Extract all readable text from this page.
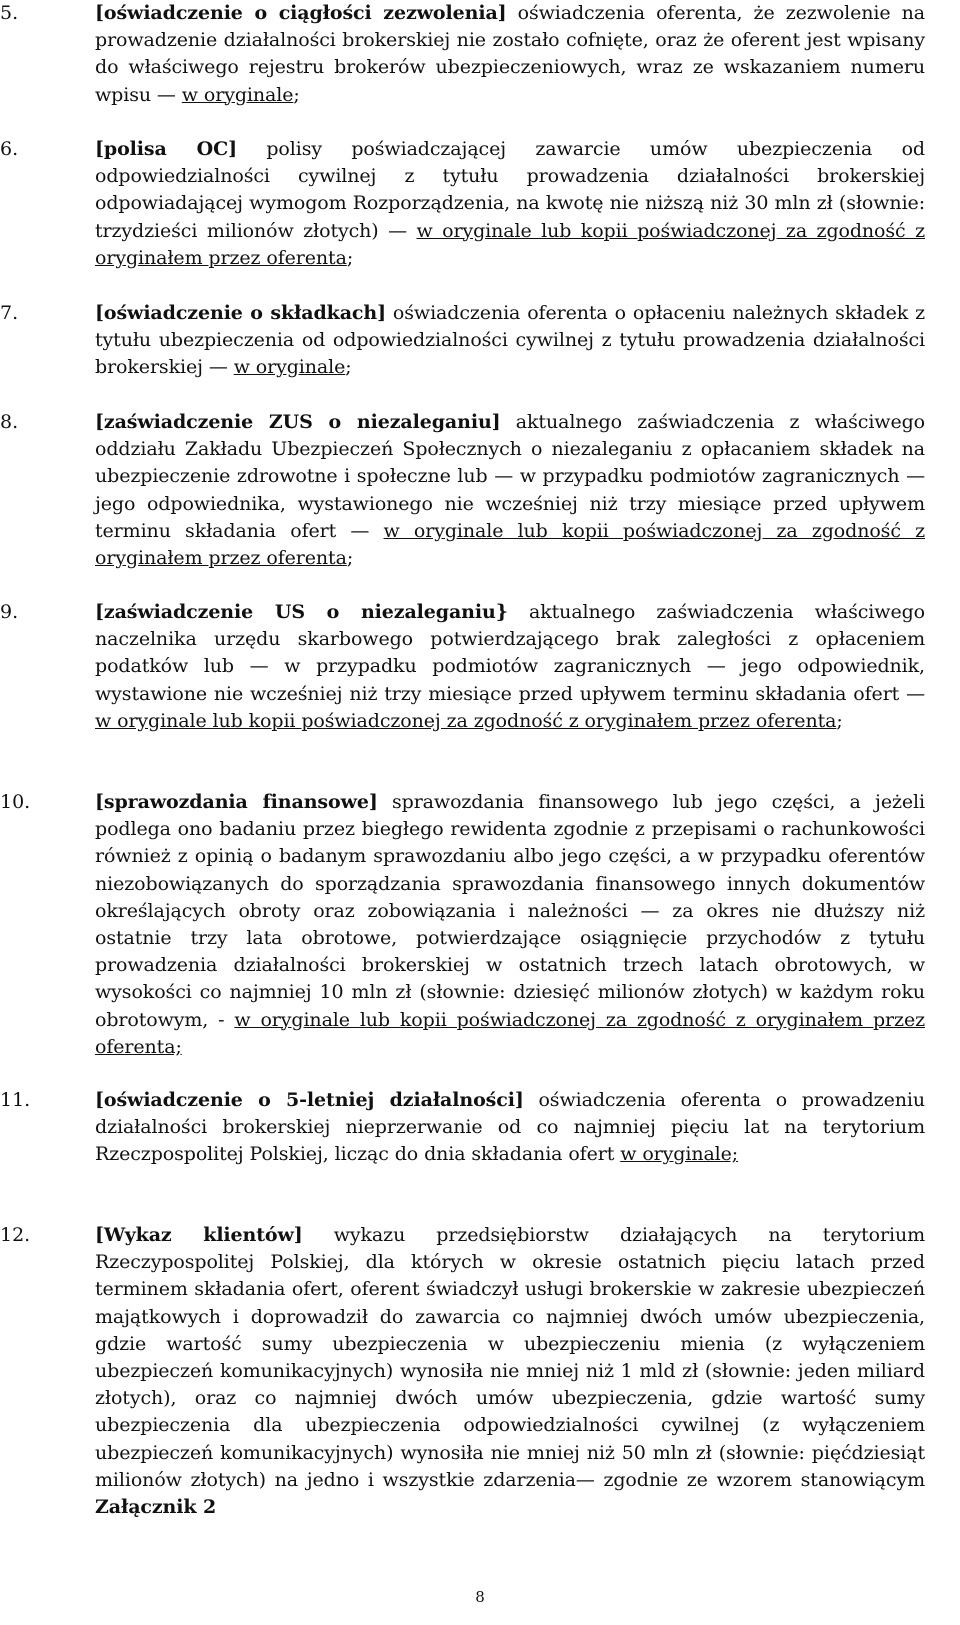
5.	[oświadczenie o ciągłości zezwolenia] oświadczenia oferenta, że zezwolenie na prowadzenie działalności brokerskiej nie zostało cofnięte, oraz że oferent jest wpisany do właściwego rejestru brokerów ubezpieczeniowych, wraz ze wskazaniem numeru wpisu — w oryginale;
6.	[polisa OC] polisy poświadczającej zawarcie umów ubezpieczenia od odpowiedzialności cywilnej z tytułu prowadzenia działalności brokerskiej odpowiadającej wymogom Rozporządzenia, na kwotę nie niższą niż 30 mln zł (słownie: trzydzieści milionów złotych) — w oryginale lub kopii poświadczonej za zgodność z oryginałem przez oferenta;
7.	[oświadczenie o składkach] oświadczenia oferenta o opłaceniu należnych składek z tytułu ubezpieczenia od odpowiedzialności cywilnej z tytułu prowadzenia działalności brokerskiej — w oryginale;
8.	[zaświadczenie ZUS o niezaleganiu] aktualnego zaświadczenia z właściwego oddziału Zakładu Ubezpieczeń Społecznych o niezaleganiu z opłacaniem składek na ubezpieczenie zdrowotne i społeczne lub — w przypadku podmiotów zagranicznych — jego odpowiednika, wystawionego nie wcześniej niż trzy miesiące przed upływem terminu składania ofert — w oryginale lub kopii poświadczonej za zgodność z oryginałem przez oferenta;
9.	[zaświadczenie US o niezaleganiu} aktualnego zaświadczenia właściwego naczelnika urzędu skarbowego potwierdzającego brak zaległości z opłaceniem podatków lub — w przypadku podmiotów zagranicznych — jego odpowiednik, wystawione nie wcześniej niż trzy miesiące przed upływem terminu składania ofert — w oryginale lub kopii poświadczonej za zgodność z oryginałem przez oferenta;
10.	[sprawozdania finansowe] sprawozdania finansowego lub jego części, a jeżeli podlega ono badaniu przez biegłego rewidenta zgodnie z przepisami o rachunkowości również z opinią o badanym sprawozdaniu albo jego części, a w przypadku oferentów niezobowiązanych do sporządzania sprawozdania finansowego innych dokumentów określających obroty oraz zobowiązania i należności — za okres nie dłuższy niż ostatnie trzy lata obrotowe, potwierdzające osiągnięcie przychodów z tytułu prowadzenia działalności brokerskiej w ostatnich trzech latach obrotowych, w wysokości co najmniej 10 mln zł (słownie: dziesięć milionów złotych) w każdym roku obrotowym, - w oryginale lub kopii poświadczonej za zgodność z oryginałem przez oferenta;
11.	[oświadczenie o 5-letniej działalności] oświadczenia oferenta o prowadzeniu działalności brokerskiej nieprzerwanie od co najmniej pięciu lat na terytorium Rzeczpospolitej Polskiej, licząc do dnia składania ofert w oryginale;
12.	[Wykaz klientów] wykazu przedsiębiorstw działających na terytorium Rzeczypospolitej Polskiej, dla których w okresie ostatnich pięciu latach przed terminem składania ofert, oferent świadczył usługi brokerskie w zakresie ubezpieczeń majątkowych i doprowadził do zawarcia co najmniej dwóch umów ubezpieczenia, gdzie wartość sumy ubezpieczenia w ubezpieczeniu mienia (z wyłączeniem ubezpieczeń komunikacyjnych) wynosiła nie mniej niż 1 mld zł (słownie: jeden miliard złotych), oraz co najmniej dwóch umów ubezpieczenia, gdzie wartość sumy ubezpieczenia dla ubezpieczenia odpowiedzialności cywilnej (z wyłączeniem ubezpieczeń komunikacyjnych) wynosiła nie mniej niż 50 mln zł (słownie: pięćdziesiąt milionów złotych) na jedno i wszystkie zdarzenia— zgodnie ze wzorem stanowiącym Załącznik 2
8
